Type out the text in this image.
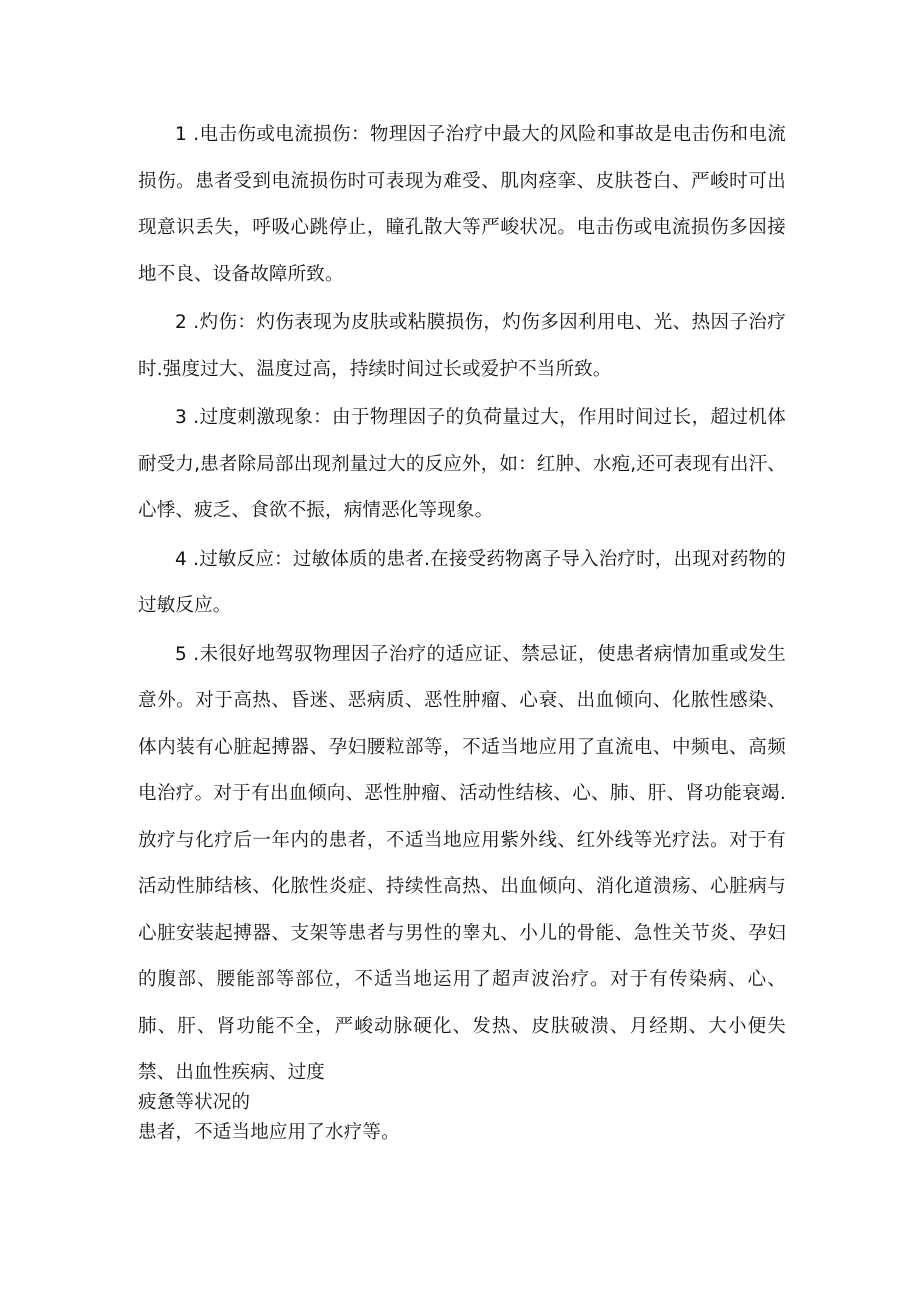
1 .电击伤或电流损伤：物理因子治疗中最大的风险和事故是电击伤和电流损伤。患者受到电流损伤时可表现为难受、肌肉痉挛、皮肤苍白、严峻时可出现意识丢失，呼吸心跳停止，瞳孔散大等严峻状况。电击伤或电流损伤多因接地不良、设备故障所致。

2 .灼伤：灼伤表现为皮肤或粘膜损伤，灼伤多因利用电、光、热因子治疗时.强度过大、温度过高，持续时间过长或爱护不当所致。

3 .过度刺激现象：由于物理因子的负荷量过大，作用时间过长，超过机体耐受力,患者除局部出现剂量过大的反应外，如：红肿、水疱,还可表现有出汗、心悸、疲乏、食欲不振，病情恶化等现象。

4 .过敏反应：过敏体质的患者.在接受药物离子导入治疗时，出现对药物的过敏反应。

5 .未很好地驾驭物理因子治疗的适应证、禁忌证，使患者病情加重或发生意外。对于高热、昏迷、恶病质、恶性肿瘤、心衰、出血倾向、化脓性感染、体内装有心脏起搏器、孕妇腰粒部等，不适当地应用了直流电、中频电、高频电治疗。对于有出血倾向、恶性肿瘤、活动性结核、心、肺、肝、肾功能衰竭.放疗与化疗后一年内的患者，不适当地应用紫外线、红外线等光疗法。对于有活动性肺结核、化脓性炎症、持续性高热、出血倾向、消化道溃疡、心脏病与心脏安装起搏器、支架等患者与男性的睾丸、小儿的骨能、急性关节炎、孕妇的腹部、腰能部等部位，不适当地运用了超声波治疗。对于有传染病、心、肺、肝、肾功能不全，严峻动脉硬化、发热、皮肤破溃、月经期、大小便失禁、出血性疾病、过度

疲惫等状况的

患者，不适当地应用了水疗等。
